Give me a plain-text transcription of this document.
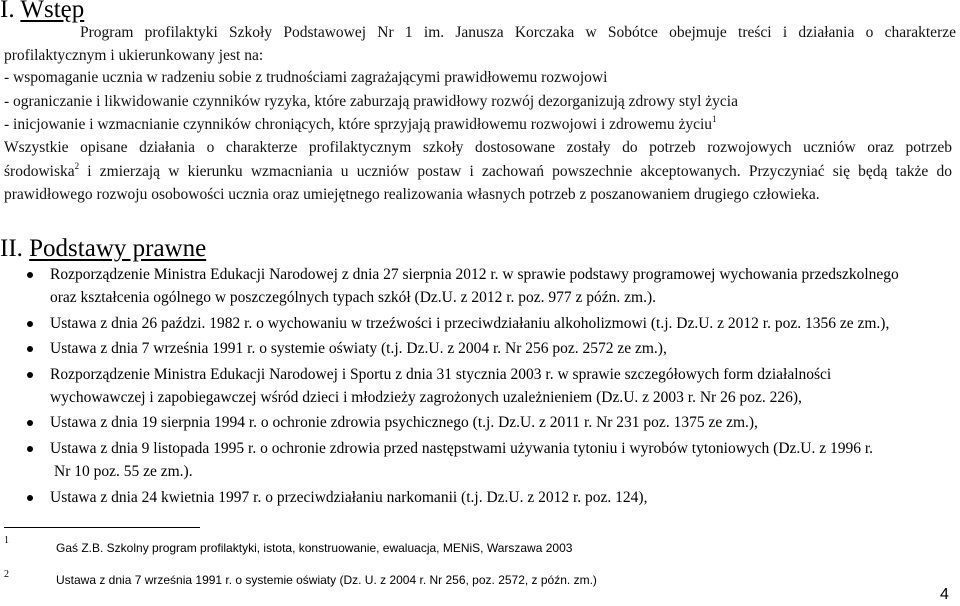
I. Wstęp
Program profilaktyki Szkoły Podstawowej Nr 1 im. Janusza Korczaka w Sobótce obejmuje treści i działania o charakterze
profilaktycznym i ukierunkowany jest na:
- wspomaganie ucznia w radzeniu sobie z trudnościami zagrażającymi prawidłowemu rozwojowi
- ograniczanie i likwidowanie czynników ryzyka, które zaburzają prawidłowy rozwój dezorganizują zdrowy styl życia
- inicjowanie i wzmacnianie czynników chroniących, które sprzyjają prawidłowemu rozwojowi i zdrowemu życiu$^1$
Wszystkie opisane działania o charakterze profilaktycznym szkoły dostosowane zostały do potrzeb rozwojowych uczniów oraz potrzeb
środowiska$^2$ i zmierzają w kierunku wzmacniania u uczniów postaw i zachowań powszechnie akceptowanych. Przyczyniać się będą także do
prawidłowego rozwoju osobowości ucznia oraz umiejętnego realizowania własnych potrzeb z poszanowaniem drugiego człowieka.
II. Podstawy prawne
Rozporządzenie Ministra Edukacji Narodowej z dnia 27 sierpnia 2012 r. w sprawie podstawy programowej wychowania przedszkolnego
oraz kształcenia ogólnego w poszczególnych typach szkół (Dz.U. z 2012 r. poz. 977 z późn. zm.).
Ustawa z dnia 26 paździ. 1982 r. o wychowaniu w trzeźwości i przeciwdziałaniu alkoholizmowi (t.j. Dz.U. z 2012 r. poz. 1356 ze zm.),
Ustawa z dnia 7 września 1991 r. o systemie oświaty (t.j. Dz.U. z 2004 r. Nr 256 poz. 2572 ze zm.),
Rozporządzenie Ministra Edukacji Narodowej i Sportu z dnia 31 stycznia 2003 r. w sprawie szczegółowych form działalności
wychowawczej i zapobiegawczej wśród dzieci i młodzieży zagrożonych uzależnieniem (Dz.U. z 2003 r. Nr 26 poz. 226),
Ustawa z dnia 19 sierpnia 1994 r. o ochronie zdrowia psychicznego (t.j. Dz.U. z 2011 r. Nr 231 poz. 1375 ze zm.),
Ustawa z dnia 9 listopada 1995 r. o ochronie zdrowia przed następstwami używania tytoniu i wyrobów tytoniowych (Dz.U. z 1996 r.
Nr 10 poz. 55 ze zm.).
Ustawa z dnia 24 kwietnia 1997 r. o przeciwdziałaniu narkomanii (t.j. Dz.U. z 2012 r. poz. 124),
1
Gaś Z.B. Szkolny program profilaktyki, istota, konstruowanie, ewaluacja, MENiS, Warszawa 2003
2	Ustawa z dnia 7 września 1991 r. o systemie oświaty (Dz. U. z 2004 r. Nr 256, poz. 2572, z późn. zm.)
4
